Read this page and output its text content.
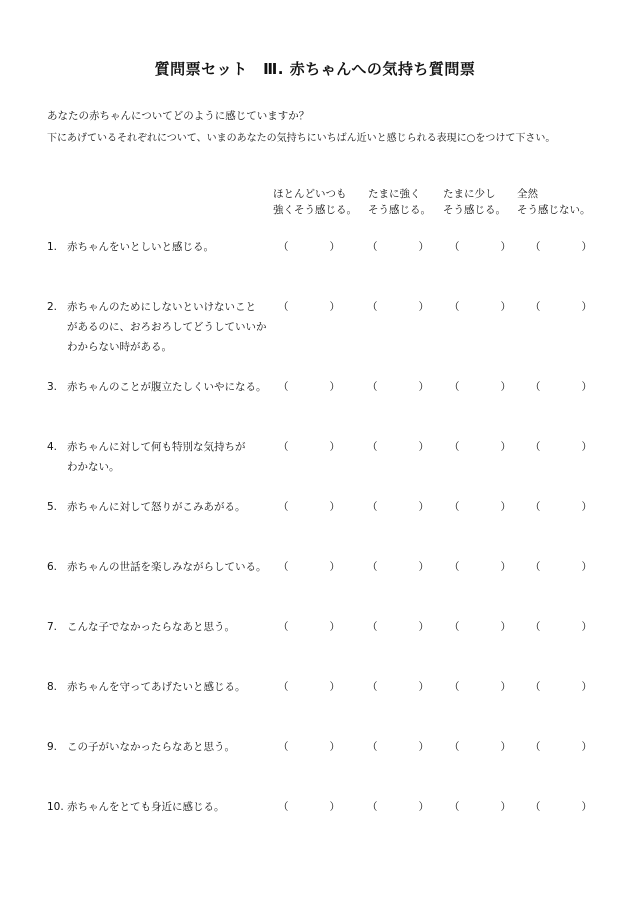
質問票セット　Ⅲ. 赤ちゃんへの気持ち質問票
あなたの赤ちゃんについてどのように感じていますか？
下にあげているそれぞれについて、いまのあなたの気持ちにいちばん近いと感じられる表現に○をつけて下さい。
ほとんどいつも
強くそう感じる。
たまに強く
そう感じる。
たまに少し
そう感じる。
全然
そう感じない。
1. 赤ちゃんをいとしいと感じる。	（	）	（	） （	） （	）
2. 赤ちゃんのためにしないといけないこと
があるのに、おろおろしてどうしていいか
わからない時がある。
（	）	（	） （	） （	）
3. 赤ちゃんのことが腹立たしくいやになる。	（	）	（	） （	） （	）
4. 赤ちゃんに対して何も特別な気持ちが
わかない。
（	）	（	） （	） （	）
5. 赤ちゃんに対して怒りがこみあがる。	（	）	（	） （	） （	）
6. 赤ちゃんの世話を楽しみながらしている。	（	）	（	） （	） （	）
7. こんな子でなかったらなあと思う。	（	）	（	） （	） （	）
8. 赤ちゃんを守ってあげたいと感じる。	（	）	（	） （	） （	）
9. この子がいなかったらなあと思う。	（	）	（	） （	） （	）
10. 赤ちゃんをとても身近に感じる。	（	）	（	） （	） （	）
